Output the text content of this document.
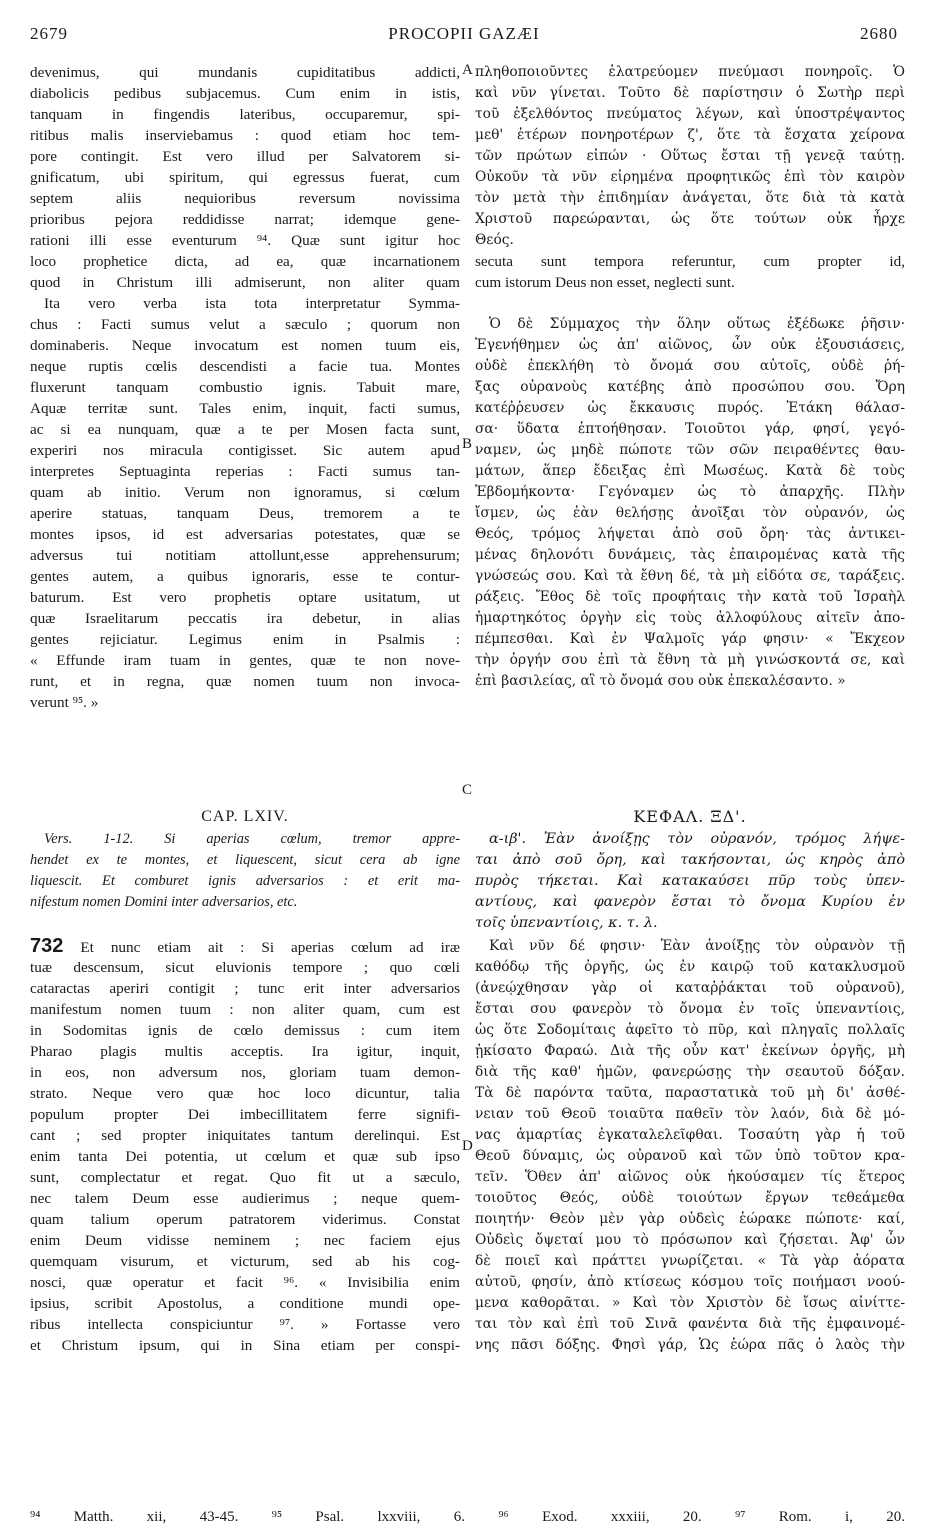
2679	PROCOPII GAZÆI	2680
A
B
C
D
devenimus, qui mundanis cupiditatibus addicti,
diabolicis pedibus subjacemus. Cum enim in istis,
tanquam in fingendis lateribus, occuparemur, spi-
ritibus malis inserviebamus : quod etiam hoc tem-
pore contingit. Est vero illud per Salvatorem si-
gnificatum, ubi spiritum, qui egressus fuerat, cum
septem aliis nequioribus reversum novissima
prioribus pejora reddidisse narrat; idemque gene-
rationi illi esse eventurum ⁹⁴. Quæ sunt igitur hoc
loco prophetice dicta, ad ea, quæ incarnationem
quod in Christum illi admiserunt, non aliter quam
πληθοποιοῦντες ἐλατρεύομεν πνεύμασι πονηροῖς. Ὁ
καὶ νῦν γίνεται. Τοῦτο δὲ παρίστησιν ὁ Σωτὴρ περὶ
τοῦ ἐξελθόντος πνεύματος λέγων, καὶ ὑποστρέψαντος
μεθ' ἑτέρων πονηροτέρων ζ', ὅτε τὰ ἔσχατα χείρονα
τῶν πρώτων εἰπών · Οὕτως ἔσται τῇ γενεᾷ ταύτῃ.
Οὐκοῦν τὰ νῦν εἰρημένα προφητικῶς ἐπὶ τὸν καιρὸν
τὸν μετὰ τὴν ἐπιδημίαν ἀνάγεται, ὅτε διὰ τὰ κατὰ
Χριστοῦ παρεώρανται, ὡς ὅτε τούτων οὐκ ἦρχε
Θεός.
secuta sunt tempora referuntur, cum propter id,
cum istorum Deus non esset, neglecti sunt.
Ita vero verba ista tota interpretatur Symma-
chus : Facti sumus velut a sæculo ; quorum non
dominaberis. Neque invocatum est nomen tuum eis,
neque ruptis cœlis descendisti a facie tua. Montes
fluxerunt tanquam combustio ignis. Tabuit mare,
Aquæ territæ sunt. Tales enim, inquit, facti sumus,
ac si ea nunquam, quæ a te per Mosen facta sunt,
experiri nos miracula contigisset. Sic autem apud
interpretes Septuaginta reperias : Facti sumus tan-
quam ab initio. Verum non ignoramus, si cœlum
aperire statuas, tanquam Deus, tremorem a te
montes ipsos, id est adversarias potestates, quæ se
adversus tui notitiam attollunt,esse apprehensurum;
gentes autem, a quibus ignoraris, esse te contur-
baturum. Est vero prophetis optare usitatum, ut
quæ Israelitarum peccatis ira debetur, in alias
gentes rejiciatur. Legimus enim in Psalmis :
« Effunde iram tuam in gentes, quæ te non nove-
runt, et in regna, quæ nomen tuum non invoca-
verunt ⁹⁵. »
Ὁ δὲ Σύμμαχος τὴν ὅλην οὕτως ἐξέδωκε ῥῆσιν·
Ἐγενήθημεν ὡς ἀπ' αἰῶνος, ὧν οὐκ ἐξουσιάσεις,
οὐδὲ ἐπεκλήθη τὸ ὄνομά σου αὐτοῖς, οὐδὲ ῥή-
ξας οὐρανοὺς κατέβης ἀπὸ προσώπου σου. Ὄρη
κατέῤῥευσεν ὡς ἔκκαυσις πυρός. Ἐτάκη θάλασ-
σα· ὕδατα ἐπτοήθησαν. Τοιοῦτοι γάρ, φησί, γεγό-
ναμεν, ὡς μηδὲ πώποτε τῶν σῶν πειραθέντες θαυ-
μάτων, ἅπερ ἔδειξας ἐπὶ Μωσέως. Κατὰ δὲ τοὺς
Ἑβδομήκοντα· Γεγόναμεν ὡς τὸ ἀπαρχῆς. Πλὴν
ἴσμεν, ὡς ἐὰν θελήσῃς ἀνοῖξαι τὸν οὐρανόν, ὡς
Θεός, τρόμος λήψεται ἀπὸ σοῦ ὄρη· τὰς ἀντικει-
μένας δηλονότι δυνάμεις, τὰς ἐπαιρομένας κατὰ τῆς
γνώσεώς σου. Καὶ τὰ ἔθνη δέ, τὰ μὴ εἰδότα σε, ταράξεις.
ράξεις. Ἔθος δὲ τοῖς προφήταις τὴν κατὰ τοῦ Ἰσραὴλ
ἡμαρτηκότος ὀργὴν εἰς τοὺς ἀλλοφύλους αἰτεῖν ἀπο-
πέμπεσθαι. Καὶ ἐν Ψαλμοῖς γάρ φησιν· « Ἔκχεον
τὴν ὀργήν σου ἐπὶ τὰ ἔθνη τὰ μὴ γινώσκοντά σε, καὶ
ἐπὶ βασιλείας, αἳ τὸ ὄνομά σου οὐκ ἐπεκαλέσαντο. »
CAP. LXIV.
Vers. 1-12. Si aperias cœlum, tremor appre-
hendet ex te montes, et liquescent, sicut cera ab igne
liquescit. Et comburet ignis adversarios : et erit ma-
nifestum nomen Domini inter adversarios, etc.
ΚΕΦΑΛ. ΞΔ'.
α-ιβ'. Ἐὰν ἀνοίξῃς τὸν οὐρανόν, τρόμος λήψε-
ται ἀπὸ σοῦ ὄρη, καὶ τακήσονται, ὡς κηρὸς ἀπὸ
πυρὸς τήκεται. Καὶ κατακαύσει πῦρ τοὺς ὑπεν-
αντίους, καὶ φανερὸν ἔσται τὸ ὄνομα Κυρίου ἐν
τοῖς ὑπεναντίοις, κ. τ. λ.
732 Et nunc etiam ait : Si aperias cœlum ad iræ
tuæ descensum, sicut eluvionis tempore ; quo cœli
cataractas aperiri contigit ; tunc erit inter adversarios
manifestum nomen tuum : non aliter quam, cum est
in Sodomitas ignis de cœlo demissus : cum item
Pharao plagis multis acceptis. Ira igitur, inquit,
in eos, non adversum nos, gloriam tuam demon-
strato. Neque vero quæ hoc loco dicuntur, talia
populum propter Dei imbecillitatem ferre signifi-
cant ; sed propter iniquitates tantum derelinqui. Est
enim tanta Dei potentia, ut cœlum et quæ sub ipso
sunt, complectatur et regat. Quo fit ut a sæculo,
nec talem Deum esse audierimus ; neque quem-
quam talium operum patratorem viderimus. Constat
enim Deum vidisse neminem ; nec faciem ejus
quemquam visurum, et victurum, sed ab his cog-
nosci, quæ operatur et facit ⁹⁶. « Invisibilia enim
ipsius, scribit Apostolus, a conditione mundi ope-
ribus intellecta conspiciuntur ⁹⁷. » Fortasse vero
et Christum ipsum, qui in Sina etiam per conspi-
Καὶ νῦν δέ φησιν· Ἐὰν ἀνοίξῃς τὸν οὐρανὸν τῇ
καθόδῳ τῆς ὀργῆς, ὡς ἐν καιρῷ τοῦ κατακλυσμοῦ
(ἀνεῴχθησαν γὰρ οἱ καταῤῥάκται τοῦ οὐρανοῦ),
ἔσται σου φανερὸν τὸ ὄνομα ἐν τοῖς ὑπεναντίοις,
ὡς ὅτε Σοδομίταις ἀφεῖτο τὸ πῦρ, καὶ πληγαῖς πολλαῖς
ᾐκίσατο Φαραώ. Διὰ τῆς οὖν κατ' ἐκείνων ὀργῆς, μὴ
διὰ τῆς καθ' ἡμῶν, φανερώσῃς τὴν σεαυτοῦ δόξαν.
Τὰ δὲ παρόντα ταῦτα, παραστατικὰ τοῦ μὴ δι' ἀσθέ-
νειαν τοῦ Θεοῦ τοιαῦτα παθεῖν τὸν λαόν, διὰ δὲ μό-
νας ἁμαρτίας ἐγκαταλελεῖφθαι. Τοσαύτη γὰρ ἡ τοῦ
Θεοῦ δύναμις, ὡς οὐρανοῦ καὶ τῶν ὑπὸ τοῦτον κρα-
τεῖν. Ὅθεν ἀπ' αἰῶνος οὐκ ἠκούσαμεν τίς ἕτερος
τοιοῦτος Θεός, οὐδὲ τοιούτων ἔργων τεθεάμεθα
ποιητήν· Θεὸν μὲν γὰρ οὐδεὶς ἑώρακε πώποτε· καί,
Οὐδεὶς ὄψεταί μου τὸ πρόσωπον καὶ ζήσεται. Ἀφ' ὧν
δὲ ποιεῖ καὶ πράττει γνωρίζεται. « Τὰ γὰρ ἀόρατα
αὐτοῦ, φησίν, ἀπὸ κτίσεως κόσμου τοῖς ποιήμασι νοού-
μενα καθορᾶται. » Καὶ τὸν Χριστὸν δὲ ἴσως αἰνίττε-
ται τὸν καὶ ἐπὶ τοῦ Σινᾶ φανέντα διὰ τῆς ἐμφαινομέ-
νης πᾶσι δόξης. Φησὶ γάρ, Ὡς ἑώρα πᾶς ὁ λαὸς τὴν
⁹⁴ Matth. xii, 43-45. ⁹⁵ Psal. lxxviii, 6. ⁹⁶ Exod. xxxiii, 20. ⁹⁷ Rom. i, 20.
